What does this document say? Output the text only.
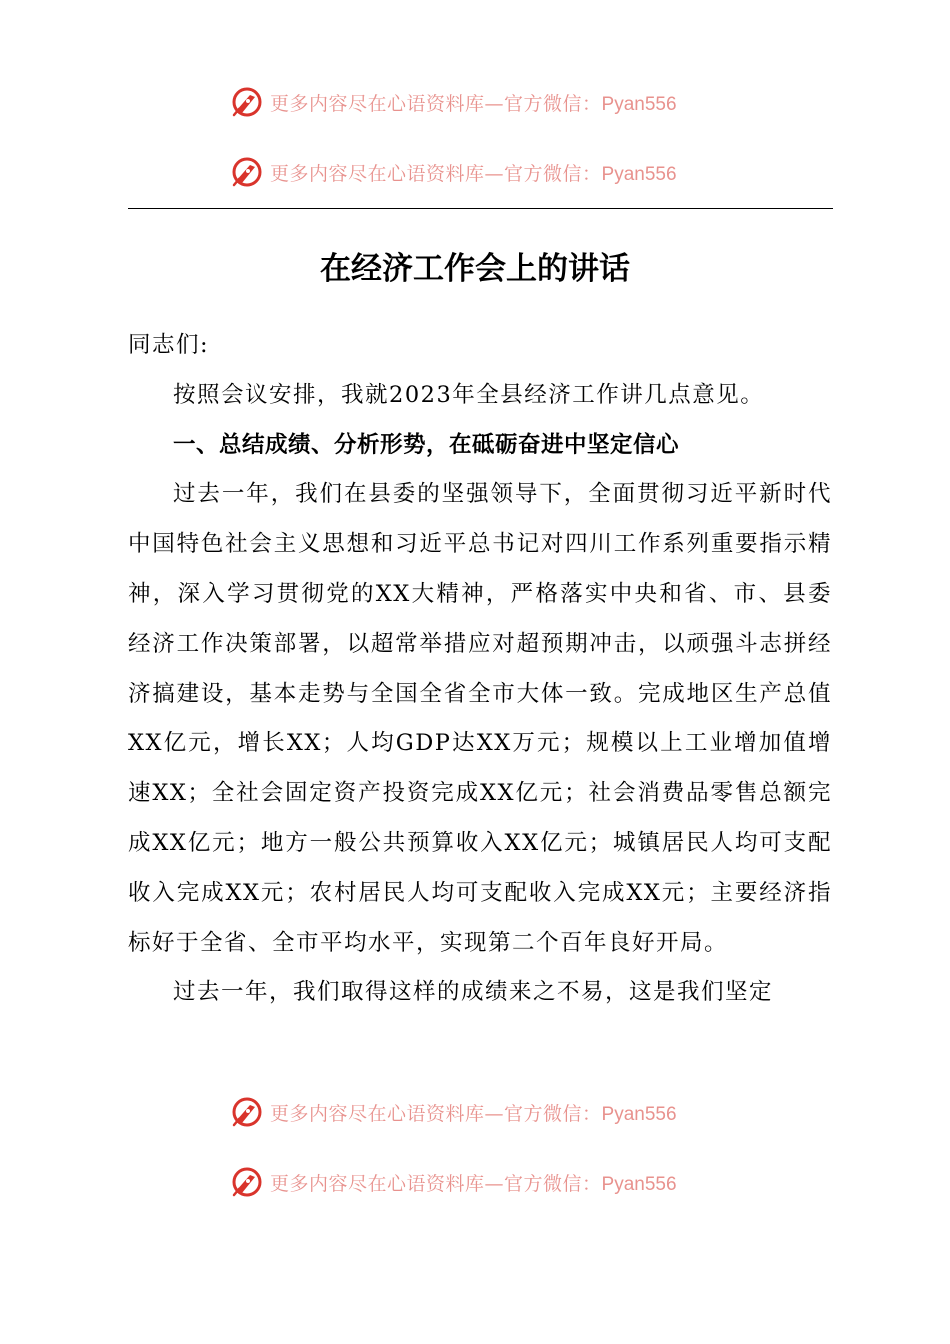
更多内容尽在心语资料库—官方微信：Pyan556
更多内容尽在心语资料库—官方微信：Pyan556
在经济工作会上的讲话

同志们:

按照会议安排，我就2023年全县经济工作讲几点意见。

一、总结成绩、分析形势，在砥砺奋进中坚定信心

过去一年，我们在县委的坚强领导下，全面贯彻习近平新时代中国特色社会主义思想和习近平总书记对四川工作系列重要指示精神，深入学习贯彻党的XX大精神，严格落实中央和省、市、县委经济工作决策部署，以超常举措应对超预期冲击，以顽强斗志拼经济搞建设，基本走势与全国全省全市大体一致。完成地区生产总值XX亿元，增长XX；人均GDP达XX万元；规模以上工业增加值增速XX；全社会固定资产投资完成XX亿元；社会消费品零售总额完成XX亿元；地方一般公共预算收入XX亿元；城镇居民人均可支配收入完成XX元；农村居民人均可支配收入完成XX元；主要经济指标好于全省、全市平均水平，实现第二个百年良好开局。

过去一年，我们取得这样的成绩来之不易，这是我们坚定

更多内容尽在心语资料库—官方微信：Pyan556
更多内容尽在心语资料库—官方微信：Pyan556
